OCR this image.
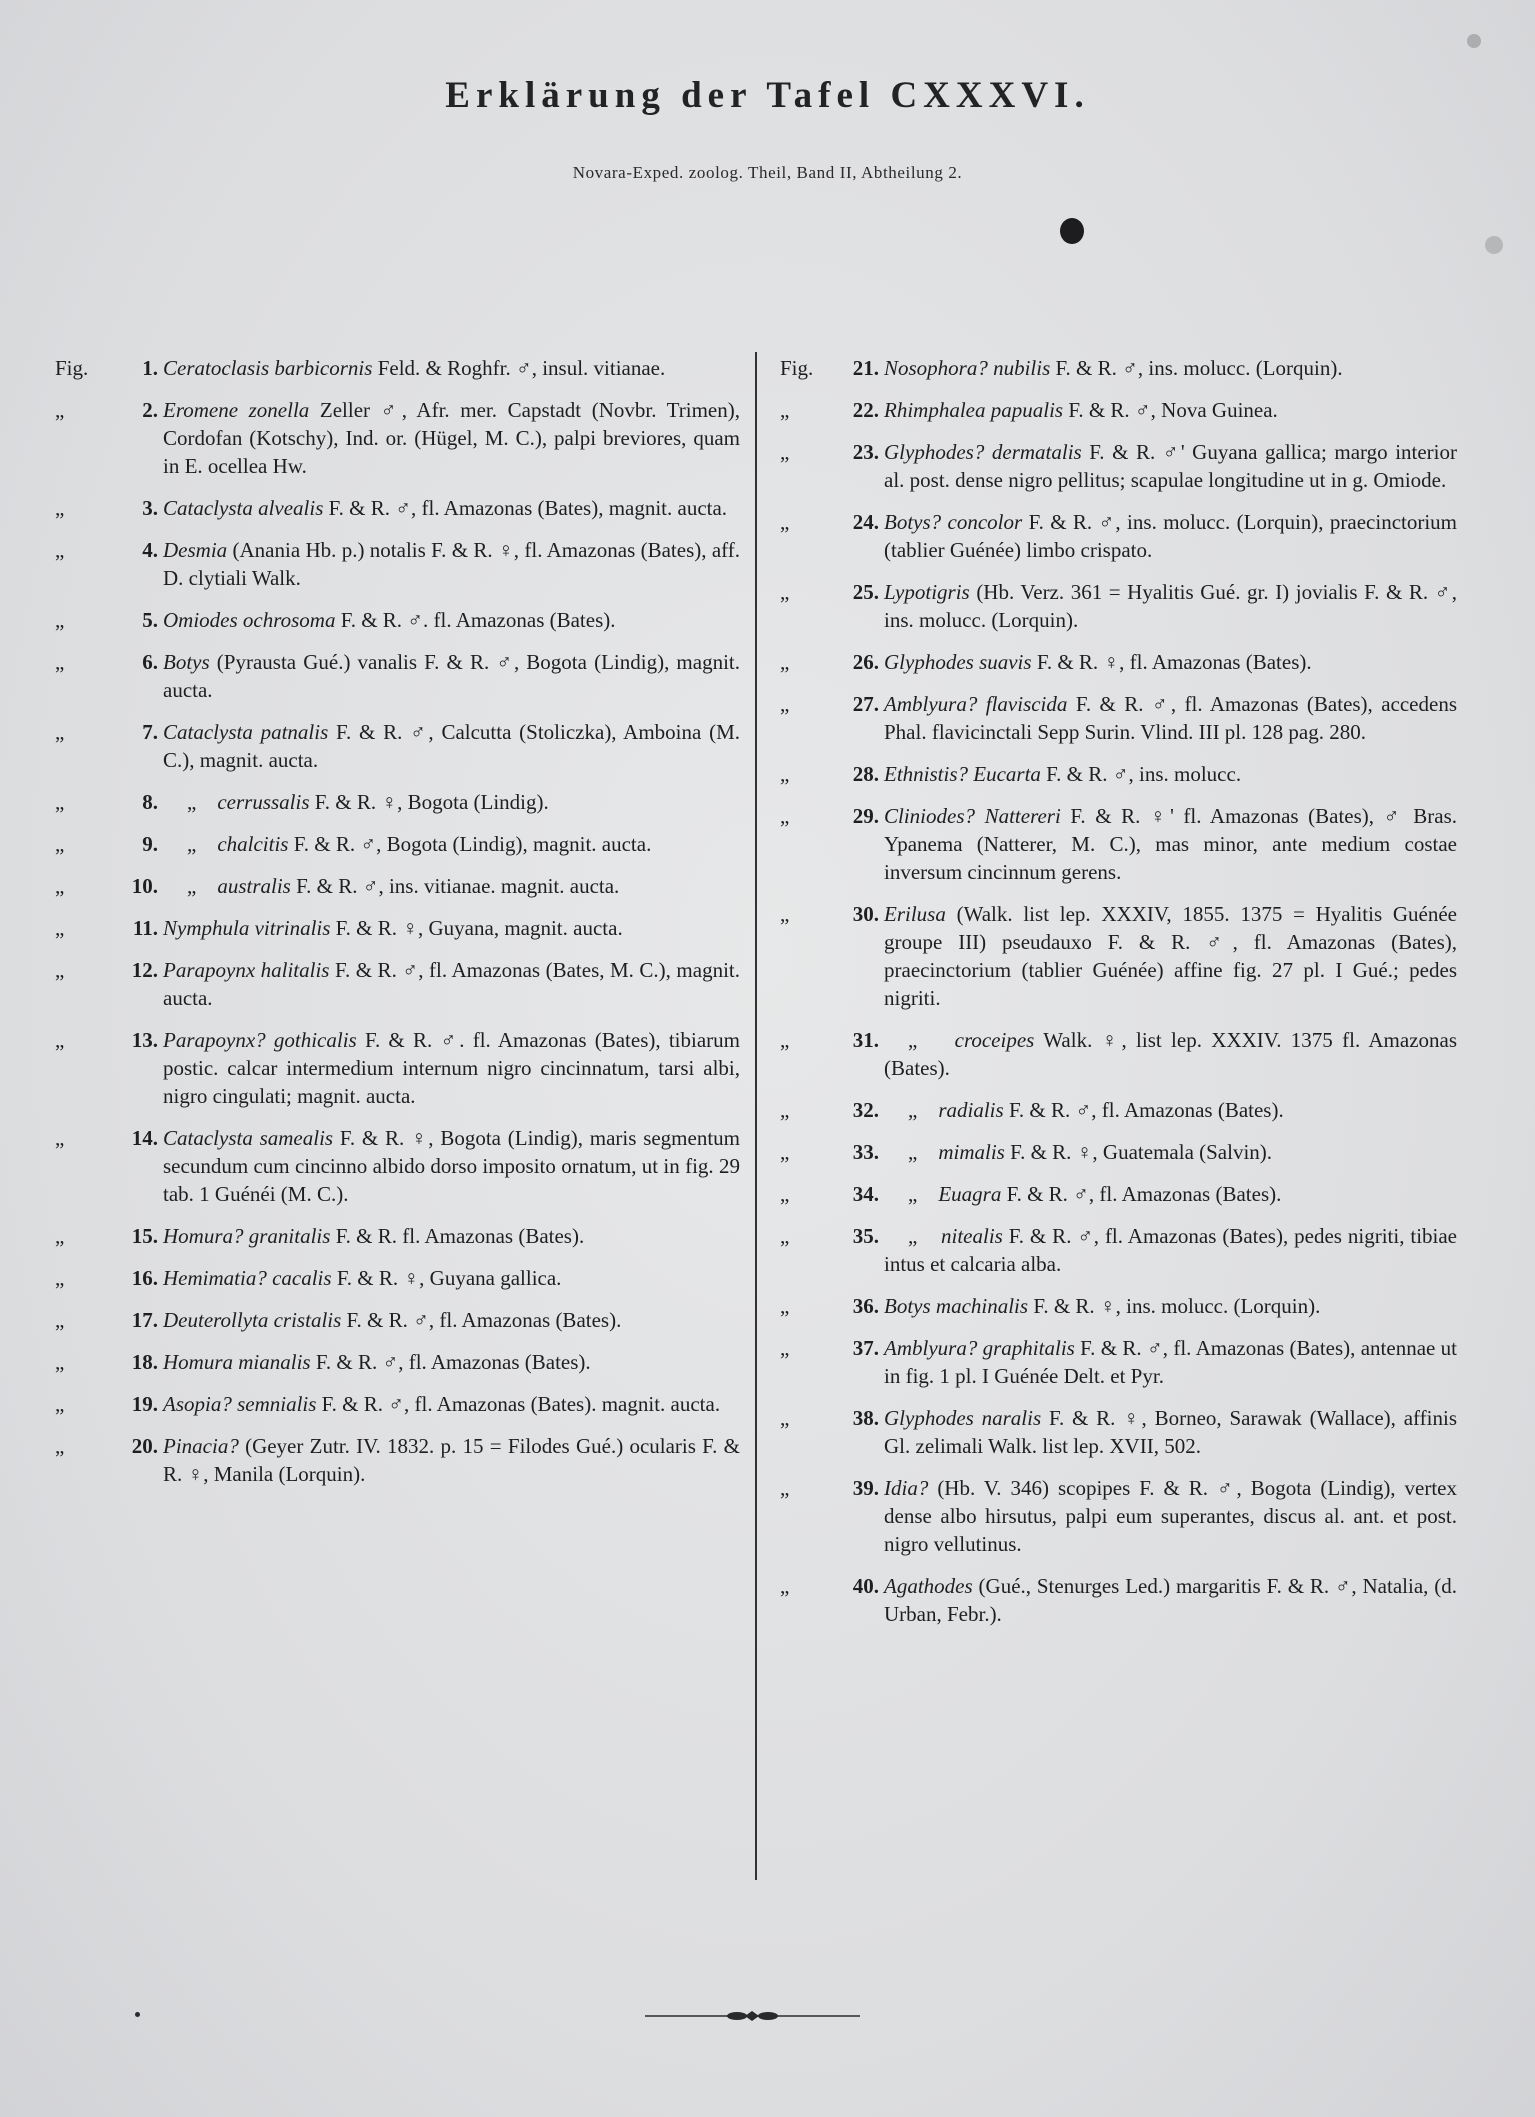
Erklärung der Tafel CXXXVI.
Novara-Exped. zoolog. Theil, Band II, Abtheilung 2.
Fig.	1. Ceratoclasis barbicornis Feld. & Roghfr. ♂, insul. vitianae.
„	2. Eromene zonella Zeller ♂, Afr. mer. Capstadt (Novbr. Trimen), Cordofan (Kotschy), Ind. or. (Hügel, M. C.), palpi breviores, quam in E. ocellea Hw.
„	3. Cataclysta alvealis F. & R. ♂, fl. Amazonas (Bates), magnit. aucta.
„	4. Desmia (Anania Hb. p.) notalis F. & R. ♀, fl. Amazonas (Bates), aff. D. clytiali Walk.
„	5. Omiodes ochrosoma F. & R. ♂. fl. Amazonas (Bates).
„	6. Botys (Pyrausta Gué.) vanalis F. & R. ♂, Bogota (Lindig), magnit. aucta.
„	7. Cataclysta patnalis F. & R. ♂, Calcutta (Stoliczka), Amboina (M. C.), magnit. aucta.
„	8.	„ cerrussalis F. & R. ♀, Bogota (Lindig).
„	9.	„ chalcitis F. & R. ♂, Bogota (Lindig), magnit. aucta.
„	10.	„ australis F. & R. ♂, ins. vitianae. magnit. aucta.
„	11. Nymphula vitrinalis F. & R. ♀, Guyana, magnit. aucta.
„	12. Parapoynx halitalis F. & R. ♂, fl. Amazonas (Bates, M. C.), magnit. aucta.
„	13. Parapoynx? gothicalis F. & R. ♂. fl. Amazonas (Bates), tibiarum postic. calcar intermedium internum nigro cincinnatum, tarsi albi, nigro cingulati; magnit. aucta.
„	14. Cataclysta samealis F. & R. ♀, Bogota (Lindig), maris segmentum secundum cum cincinno albido dorso imposito ornatum, ut in fig. 29 tab. 1 Guénéi (M. C.).
„	15. Homura? granitalis F. & R. fl. Amazonas (Bates).
„	16. Hemimatia? cacalis F. & R. ♀, Guyana gallica.
„	17. Deuterollyta cristalis F. & R. ♂, fl. Amazonas (Bates).
„	18. Homura mianalis F. & R. ♂, fl. Amazonas (Bates).
„	19. Asopia? semnialis F. & R. ♂, fl. Amazonas (Bates). magnit. aucta.
„	20. Pinacia? (Geyer Zutr. IV. 1832. p. 15 = Filodes Gué.) ocularis F. & R. ♀, Manila (Lorquin).
Fig. 21. Nosophora? nubilis F. & R. ♂, ins. molucc. (Lorquin).
„	22. Rhimphalea papualis F. & R. ♂, Nova Guinea.
„	23. Glyphodes? dermatalis F. & R. ♂' Guyana gallica; margo interior al. post. dense nigro pellitus; scapulae longitudine ut in g. Omiode.
„	24. Botys? concolor F. & R. ♂, ins. molucc. (Lorquin), praecinctorium (tablier Guénée) limbo crispato.
„	25. Lypotigris (Hb. Verz. 361 = Hyalitis Gué. gr. I) jovialis F. & R. ♂, ins. molucc. (Lorquin).
„	26. Glyphodes suavis F. & R. ♀, fl. Amazonas (Bates).
„	27. Amblyura? flaviscida F. & R. ♂, fl. Amazonas (Bates), accedens Phal. flavicinctali Sepp Surin. Vlind. III pl. 128 pag. 280.
„	28. Ethnistis? Eucarta F. & R. ♂, ins. molucc.
„	29. Cliniodes? Nattereri F. & R. ♀' fl. Amazonas (Bates), ♂ Bras. Ypanema (Natterer, M. C.), mas minor, ante medium costae inversum cincinnum gerens.
„	30. Erilusa (Walk. list lep. XXXIV, 1855. 1375 = Hyalitis Guénée groupe III) pseudauxo F. & R. ♂, fl. Amazonas (Bates), praecinctorium (tablier Guénée) affine fig. 27 pl. I Gué.; pedes nigriti.
„	31.	„ croceipes Walk. ♀, list lep. XXXIV. 1375 fl. Amazonas (Bates).
„	32.	„ radialis F. & R. ♂, fl. Amazonas (Bates).
„	33.	„ mimalis F. & R. ♀, Guatemala (Salvin).
„	34.	„ Euagra F. & R. ♂, fl. Amazonas (Bates).
„	35.	„ nitealis F. & R. ♂, fl. Amazonas (Bates), pedes nigriti, tibiae intus et calcaria alba.
„	36. Botys machinalis F. & R. ♀, ins. molucc. (Lorquin).
„	37. Amblyura? graphitalis F. & R. ♂, fl. Amazonas (Bates), antennae ut in fig. 1 pl. I Guénée Delt. et Pyr.
„	38. Glyphodes naralis F. & R. ♀, Borneo, Sarawak (Wallace), affinis Gl. zelimali Walk. list lep. XVII, 502.
„	39. Idia? (Hb. V. 346) scopipes F. & R. ♂, Bogota (Lindig), vertex dense albo hirsutus, palpi eum superantes, discus al. ant. et post. nigro vellutinus.
„	40. Agathodes (Gué., Stenurges Led.) margaritis F. & R. ♂, Natalia, (d. Urban, Febr.).
